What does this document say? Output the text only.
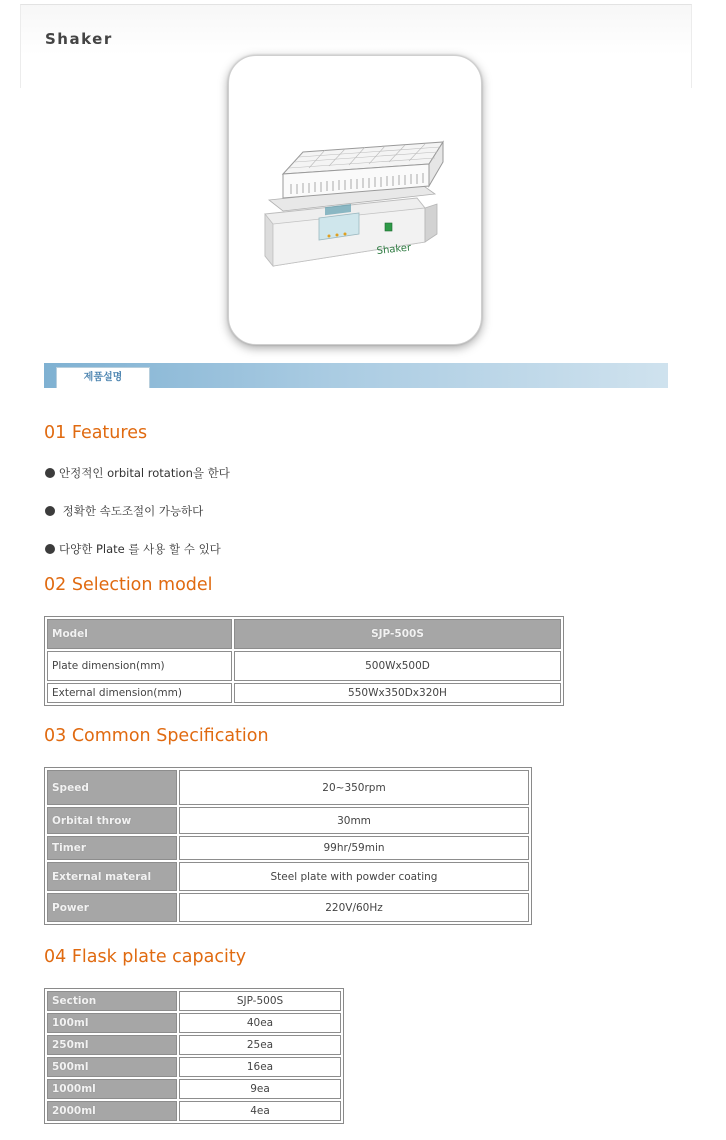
Shaker
Shaker
제품설명
01 Features
안정적인 orbital rotation을 한다
정확한 속도조절이 가능하다
다양한 Plate 를 사용 할 수 있다
02 Selection model
Model	SJP-500S
Plate dimension(mm)	500Wx500D
External dimension(mm)	550Wx350Dx320H
03 Common Specification
Speed	20~350rpm
Orbital throw	30mm
Timer	99hr/59min
External materal	Steel plate with powder coating
Power	220V/60Hz
04 Flask plate capacity
Section	SJP-500S
100ml	40ea
250ml	25ea
500ml	16ea
1000ml	9ea
2000ml	4ea
